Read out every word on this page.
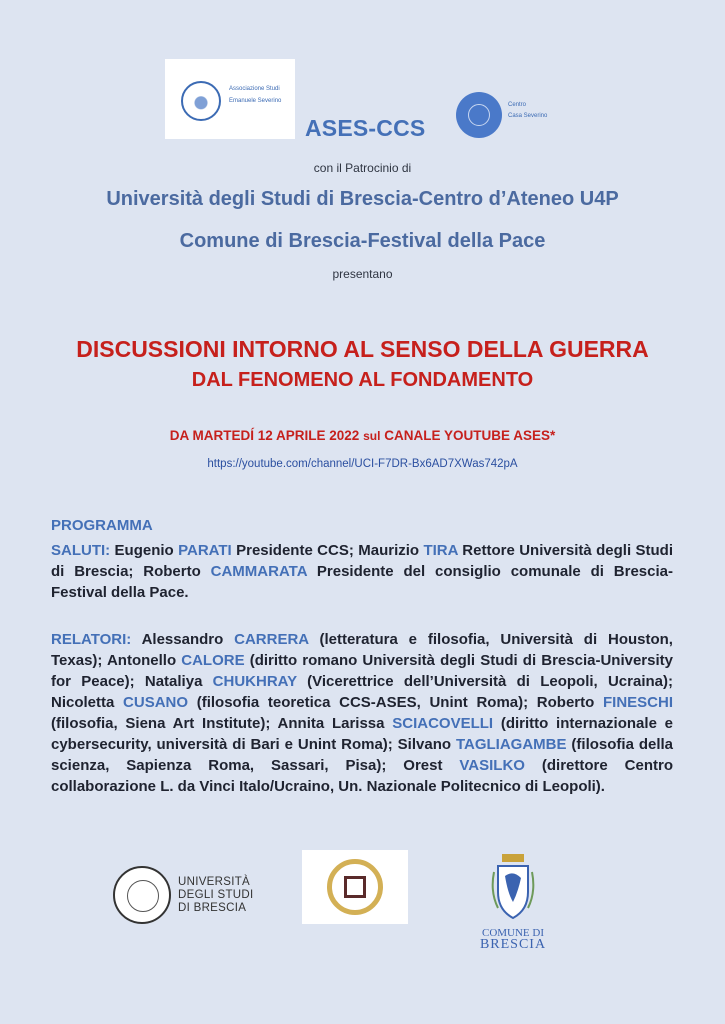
Associazione Studi
Emanuele Severino
ASES-CCS
Centro
Casa Severino
con il Patrocinio di
Università degli Studi di Brescia-Centro d’Ateneo U4P
Comune di Brescia-Festival della Pace
presentano
DISCUSSIONI INTORNO AL SENSO DELLA GUERRA
DAL FENOMENO AL FONDAMENTO
DA MARTEDÍ 12 APRILE 2022 sul CANALE YOUTUBE ASES*
https://youtube.com/channel/UCI-F7DR-Bx6AD7XWas742pA
PROGRAMMA
SALUTI: Eugenio PARATI Presidente CCS; Maurizio TIRA Rettore Università degli Studi di Brescia; Roberto CAMMARATA Presidente del consiglio comunale di Brescia-Festival della Pace.
RELATORI: Alessandro CARRERA (letteratura e filosofia, Università di Houston, Texas); Antonello CALORE (diritto romano Università degli Studi di Brescia-University for Peace); Nataliya CHUKHRAY (Vicerettrice dell’Università di Leopoli, Ucraina); Nicoletta CUSANO (filosofia teoretica CCS-ASES, Unint Roma); Roberto FINESCHI (filosofia, Siena Art Institute); Annita Larissa SCIACOVELLI (diritto internazionale e cybersecurity, università di Bari e Unint Roma); Silvano TAGLIAGAMBE (filosofia della scienza, Sapienza Roma, Sassari, Pisa); Orest VASILKO (direttore Centro collaborazione L. da Vinci Italo/Ucraino, Un. Nazionale Politecnico di Leopoli).
UNIVERSITÀ
DEGLI STUDI
DI BRESCIA
COMUNE DI
BRESCIA
